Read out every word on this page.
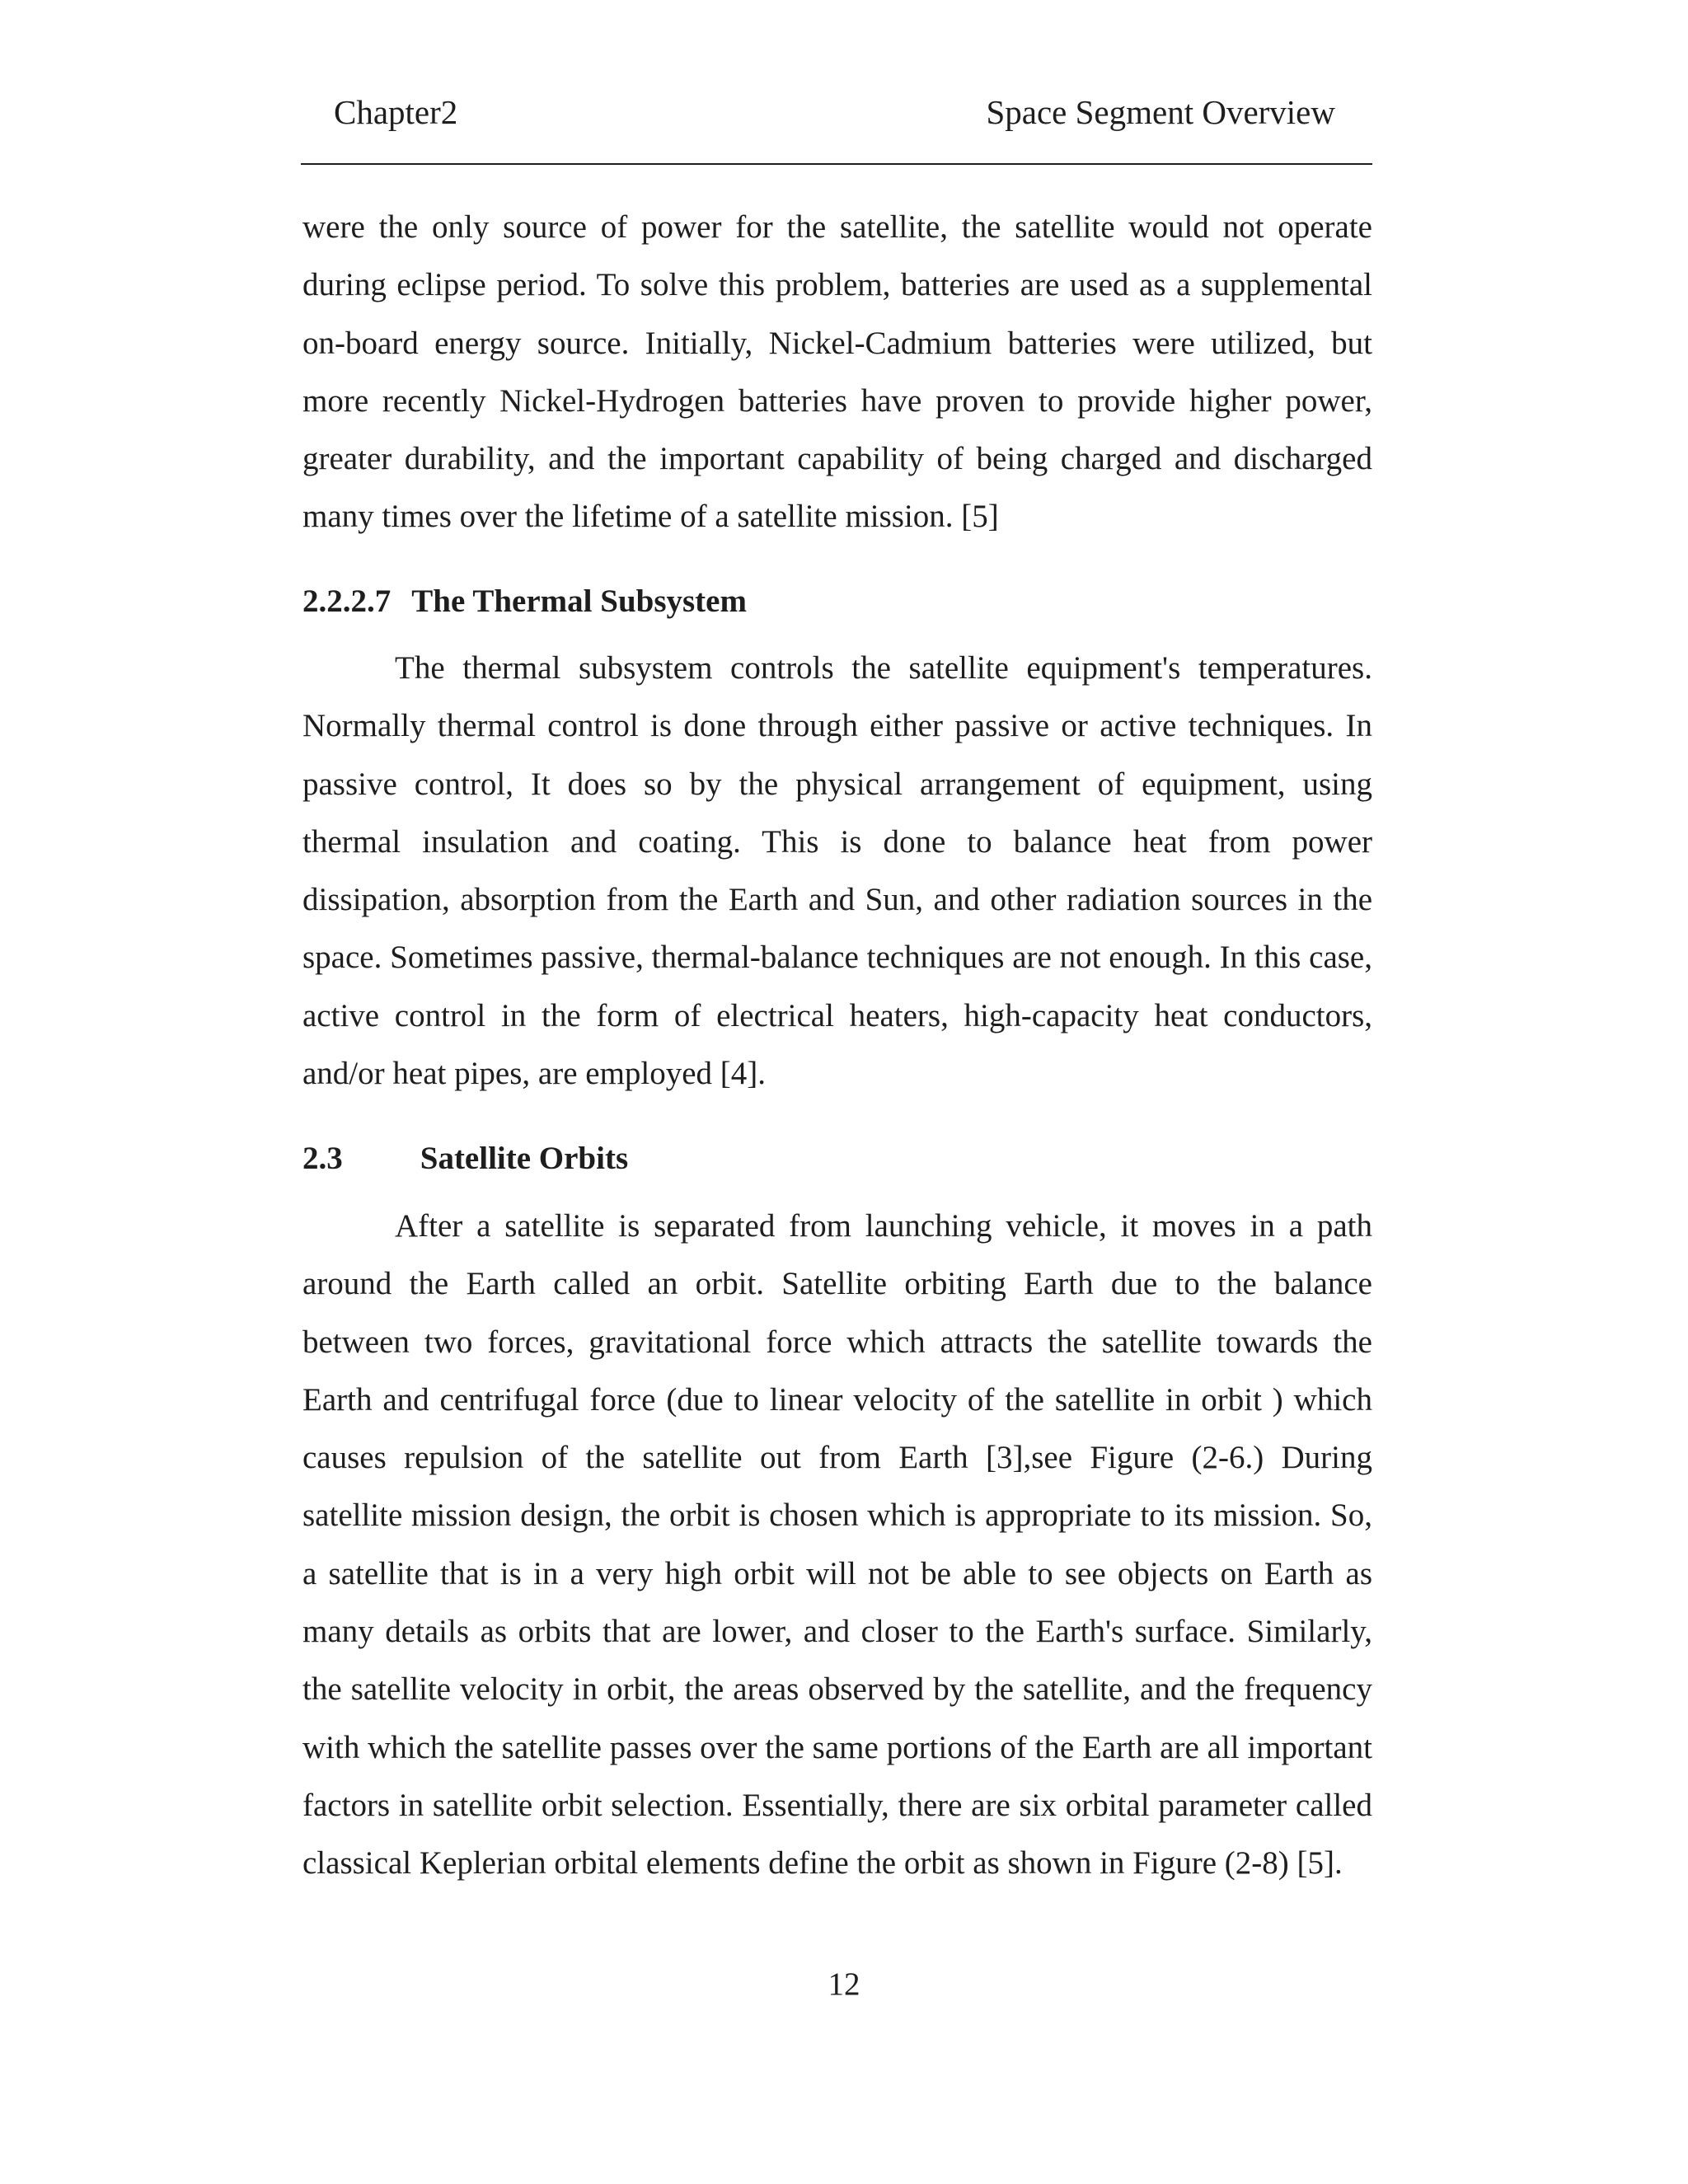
Chapter2	Space Segment Overview

were the only source of power for the satellite, the satellite would not operate during eclipse period. To solve this problem, batteries are used as a supplemental on-board energy source. Initially, Nickel-Cadmium batteries were utilized, but more recently Nickel-Hydrogen batteries have proven to provide higher power, greater durability, and the important capability of being charged and discharged many times over the lifetime of a satellite mission. [5]

2.2.2.7 The Thermal Subsystem

The thermal subsystem controls the satellite equipment's temperatures. Normally thermal control is done through either passive or active techniques. In passive control, It does so by the physical arrangement of equipment, using thermal insulation and coating. This is done to balance heat from power dissipation, absorption from the Earth and Sun, and other radiation sources in the space. Sometimes passive, thermal-balance techniques are not enough. In this case, active control in the form of electrical heaters, high-capacity heat conductors, and/or heat pipes, are employed [4].

2.3 Satellite Orbits

After a satellite is separated from launching vehicle, it moves in a path around the Earth called an orbit. Satellite orbiting Earth due to the balance between two forces, gravitational force which attracts the satellite towards the Earth and centrifugal force (due to linear velocity of the satellite in orbit ) which causes repulsion of the satellite out from Earth [3],see Figure (2-6.) During satellite mission design, the orbit is chosen which is appropriate to its mission. So, a satellite that is in a very high orbit will not be able to see objects on Earth as many details as orbits that are lower, and closer to the Earth's surface. Similarly, the satellite velocity in orbit, the areas observed by the satellite, and the frequency with which the satellite passes over the same portions of the Earth are all important factors in satellite orbit selection. Essentially, there are six orbital parameter called classical Keplerian orbital elements define the orbit as shown in Figure (2-8) [5].

12
